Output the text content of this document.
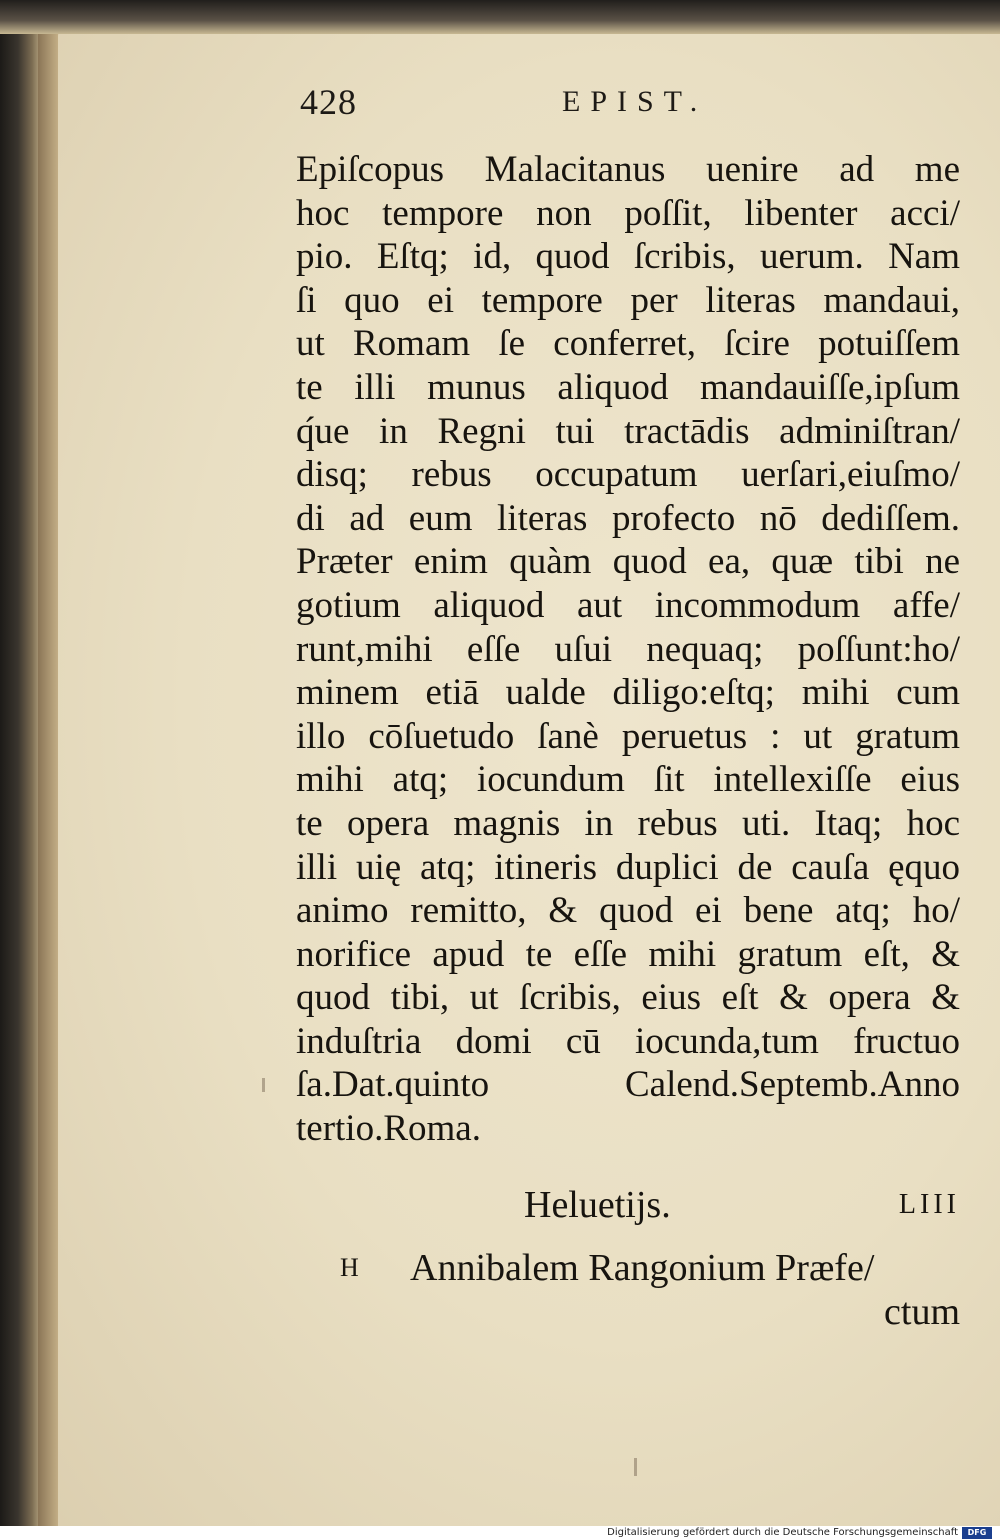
428	EPIST.
Epiſcopus Malacitanus uenire ad me
hoc tempore non poſſit, libenter acci/
pio. Eſtq; id, quod ſcribis, uerum. Nam
ſi quo ei tempore per literas mandaui,
ut Romam ſe conferret, ſcire potuiſſem
te illi munus aliquod mandauiſſe,ipſum
q́ue in Regni tui tractādis adminiſtran/
disq; rebus occupatum uerſari,eiuſmo/
di ad eum literas profecto nō dediſſem.
Præter enim quàm quod ea, quæ tibi ne
gotium aliquod aut incommodum affe/
runt,mihi eſſe uſui nequaq; poſſunt:ho/
minem etiā ualde diligo:eſtq; mihi cum
illo cōſuetudo ſanè peruetus : ut gratum
mihi atq; iocundum ſit intellexiſſe eius
te opera magnis in rebus uti. Itaq; hoc
illi uię atq; itineris duplici de cauſa ęquo
animo remitto, & quod ei bene atq; ho/
norifice apud te eſſe mihi gratum eſt, &
quod tibi, ut ſcribis, eius eſt & opera &
induſtria domi cū iocunda,tum fructuo
ſa.Dat.quinto Calend.Septemb.Anno
tertio.Roma.
Heluetijs.	LIII
H Annibalem Rangonium Præfe/
ctum
Digitalisierung gefördert durch die Deutsche Forschungsgemeinschaft	DFG
